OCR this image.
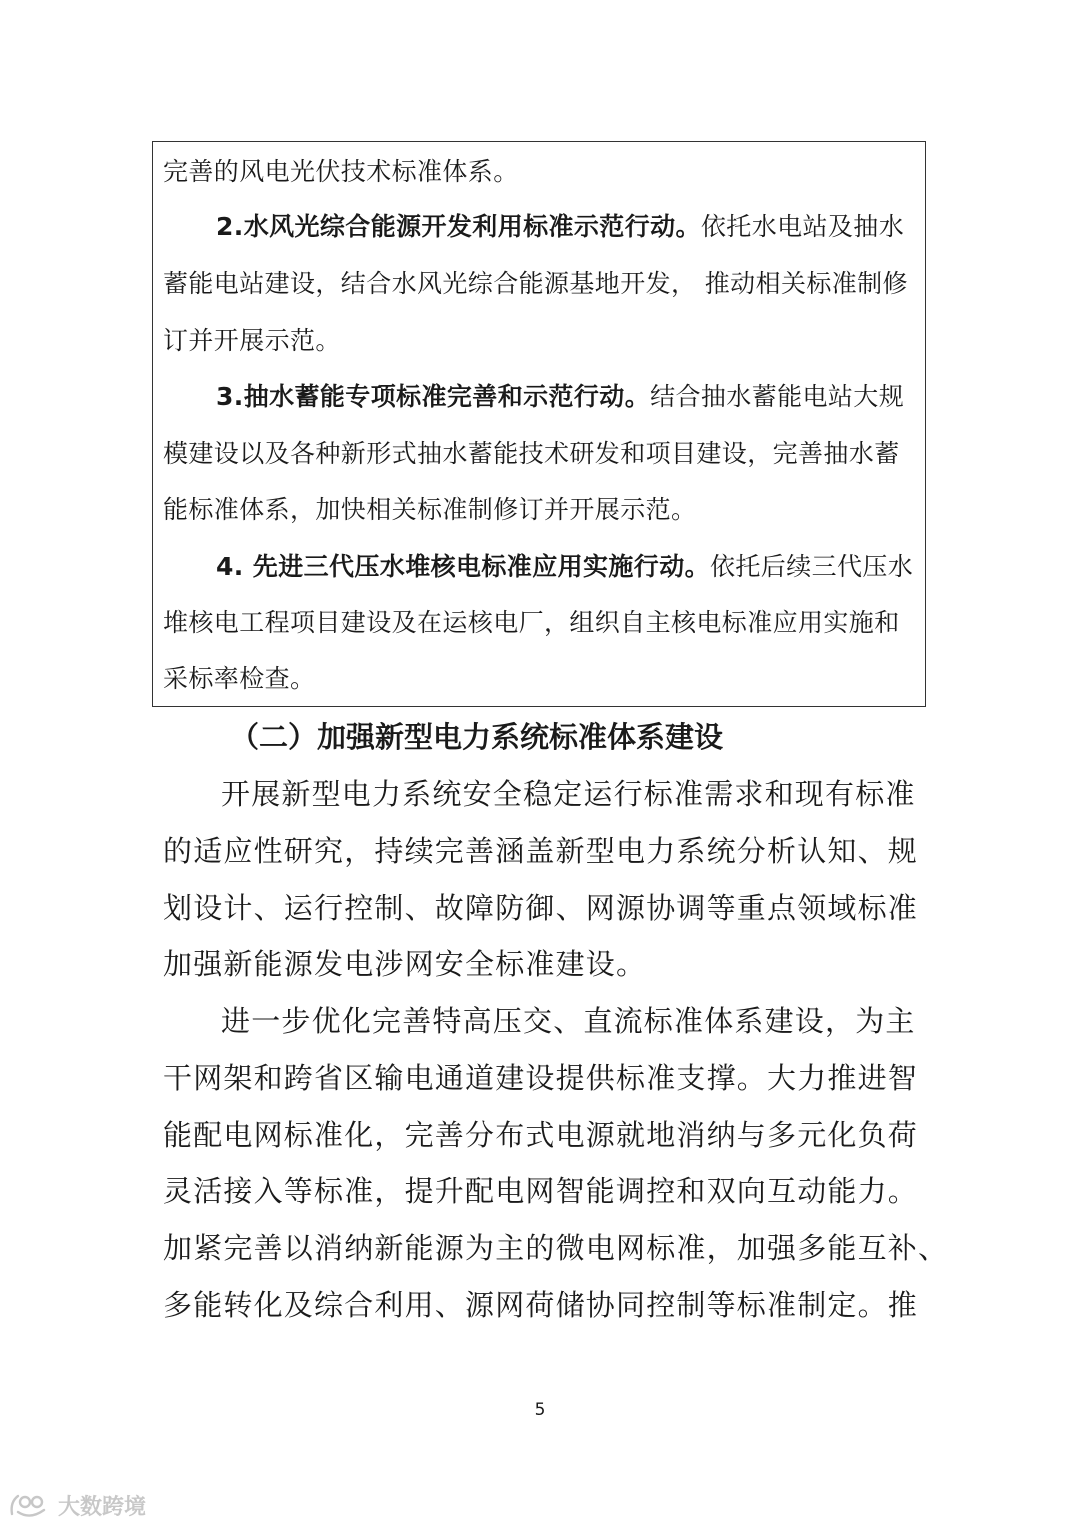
完善的风电光伏技术标准体系。
2.水风光综合能源开发利用标准示范行动。依托水电站及抽水
蓄能电站建设，结合水风光综合能源基地开发， 推动相关标准制修
订并开展示范。
3.抽水蓄能专项标准完善和示范行动。结合抽水蓄能电站大规
模建设以及各种新形式抽水蓄能技术研发和项目建设，完善抽水蓄
能标准体系，加快相关标准制修订并开展示范。
4. 先进三代压水堆核电标准应用实施行动。依托后续三代压水
堆核电工程项目建设及在运核电厂，组织自主核电标准应用实施和
采标率检查。
（二）加强新型电力系统标准体系建设
开展新型电力系统安全稳定运行标准需求和现有标准
的适应性研究，持续完善涵盖新型电力系统分析认知、规
划设计、运行控制、故障防御、网源协调等重点领域标准
加强新能源发电涉网安全标准建设。
进一步优化完善特高压交、直流标准体系建设，为主
干网架和跨省区输电通道建设提供标准支撑。大力推进智
能配电网标准化，完善分布式电源就地消纳与多元化负荷
灵活接入等标准，提升配电网智能调控和双向互动能力。
加紧完善以消纳新能源为主的微电网标准，加强多能互补、
多能转化及综合利用、源网荷储协同控制等标准制定。推
5
大数跨境
